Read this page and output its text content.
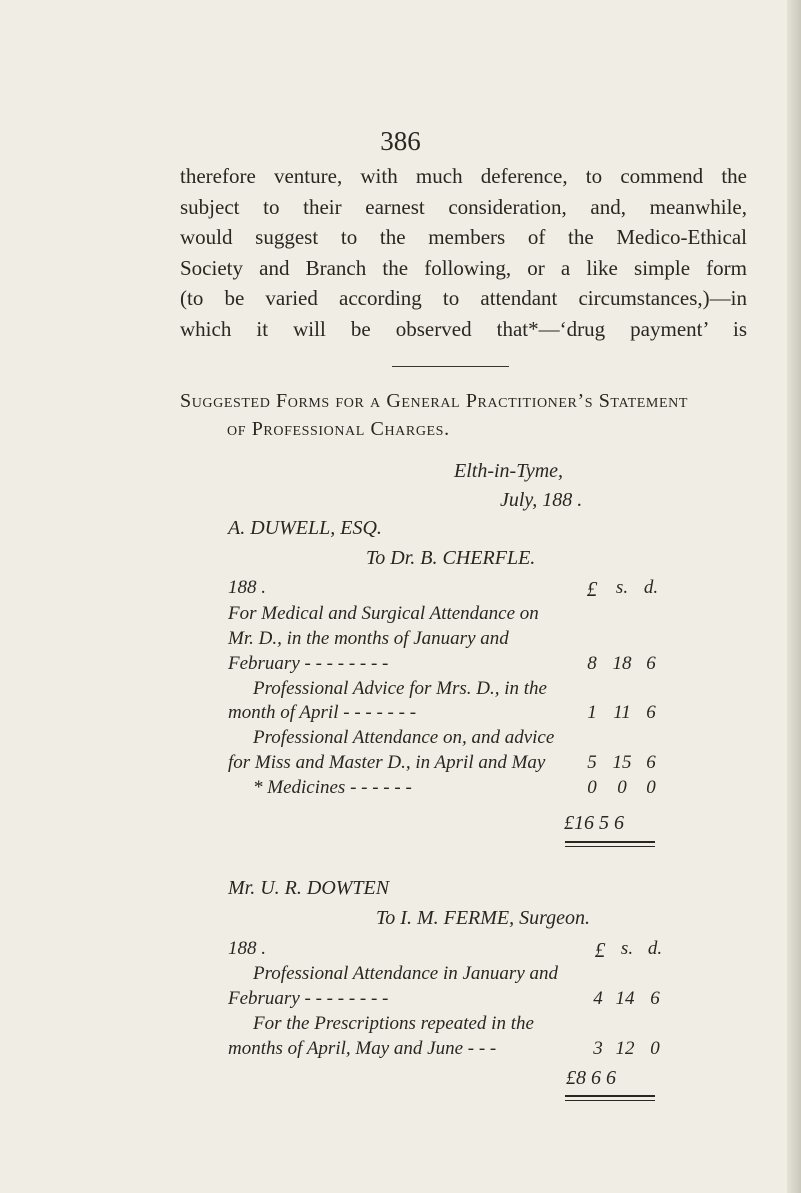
386
therefore venture, with much deference, to commend the
subject to their earnest consideration, and, meanwhile,
would suggest to the members of the Medico-Ethical
Society and Branch the following, or a like simple form
(to be varied according to attendant circumstances,)—in
which it will be observed that*—‘drug payment’ is
Suggested Forms for a General Practitioner’s Statement
of Professional Charges.
Elth-in-Tyme,
July, 188 .
A. DUWELL, ESQ.
To Dr. B. CHERFLE.
188 .	£ s. d.
For Medical and Surgical Attendance on
Mr. D., in the months of January and
February - - - - - - - -	8 18 6
Professional Advice for Mrs. D., in the
month of April - - - - - - -	1 11 6
Professional Attendance on, and advice
for Miss and Master D., in April and May	5 15 6
* Medicines - - - - - -	0	0	0
£16 5 6
Mr. U. R. DOWTEN
To I. M. FERME, Surgeon.
188 .	£ s. d.
Professional Attendance in January and
February - - - - - - - -	4 14 6
For the Prescriptions repeated in the
months of April, May and June - - -	3 12 0
£8 6 6
